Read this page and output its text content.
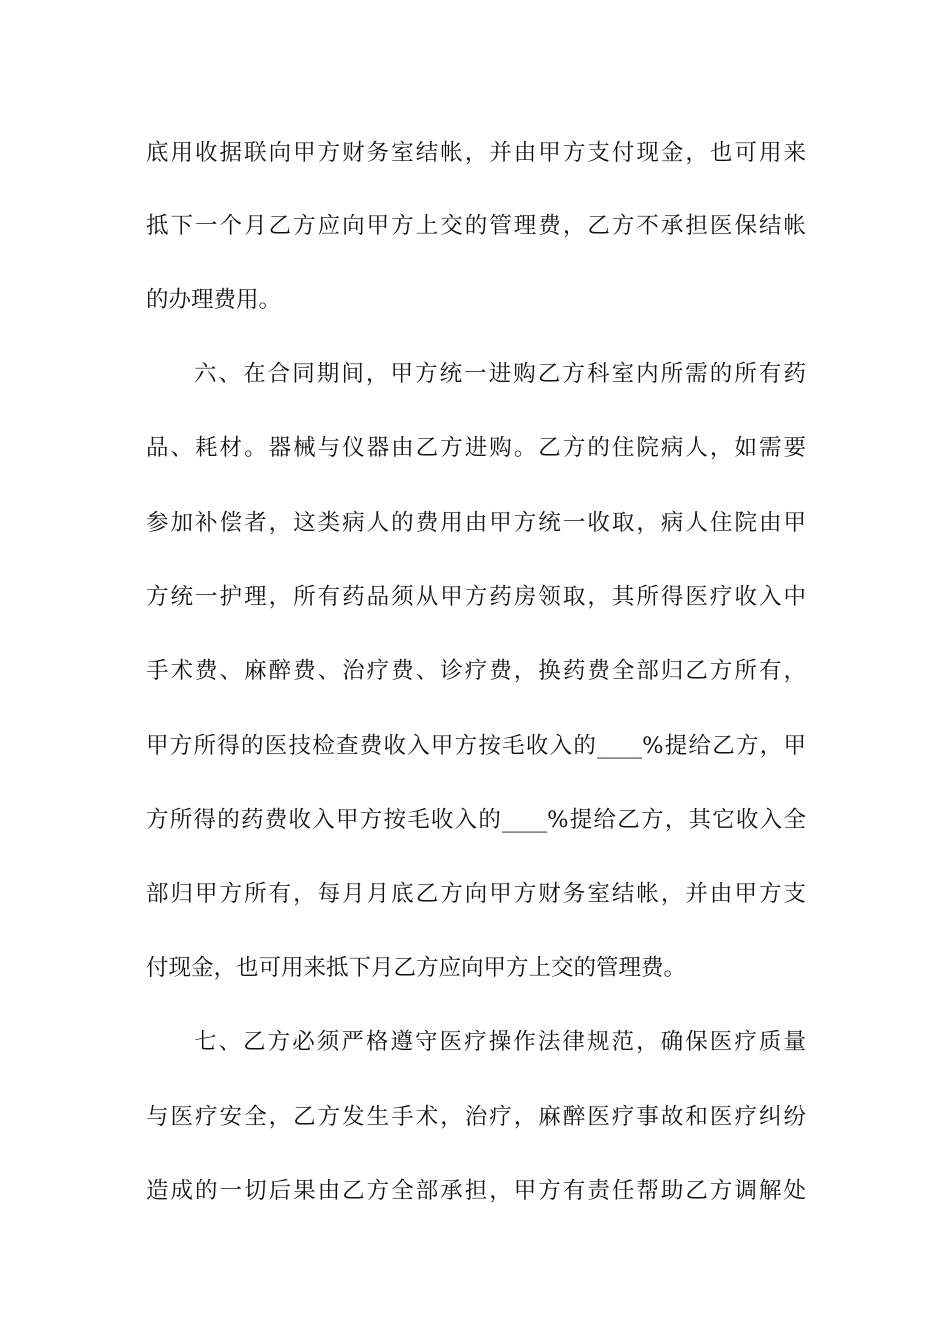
底用收据联向甲方财务室结帐，并由甲方支付现金，也可用来
抵下一个月乙方应向甲方上交的管理费，乙方不承担医保结帐
的办理费用。
六、在合同期间，甲方统一进购乙方科室内所需的所有药
品、耗材。器械与仪器由乙方进购。乙方的住院病人，如需要
参加补偿者，这类病人的费用由甲方统一收取，病人住院由甲
方统一护理，所有药品须从甲方药房领取，其所得医疗收入中
手术费、麻醉费、治疗费、诊疗费，换药费全部归乙方所有，
甲方所得的医技检查费收入甲方按毛收入的____%提给乙方，甲
方所得的药费收入甲方按毛收入的____%提给乙方，其它收入全
部归甲方所有，每月月底乙方向甲方财务室结帐，并由甲方支
付现金，也可用来抵下月乙方应向甲方上交的管理费。
七、乙方必须严格遵守医疗操作法律规范，确保医疗质量
与医疗安全，乙方发生手术，治疗，麻醉医疗事故和医疗纠纷
造成的一切后果由乙方全部承担，甲方有责任帮助乙方调解处
